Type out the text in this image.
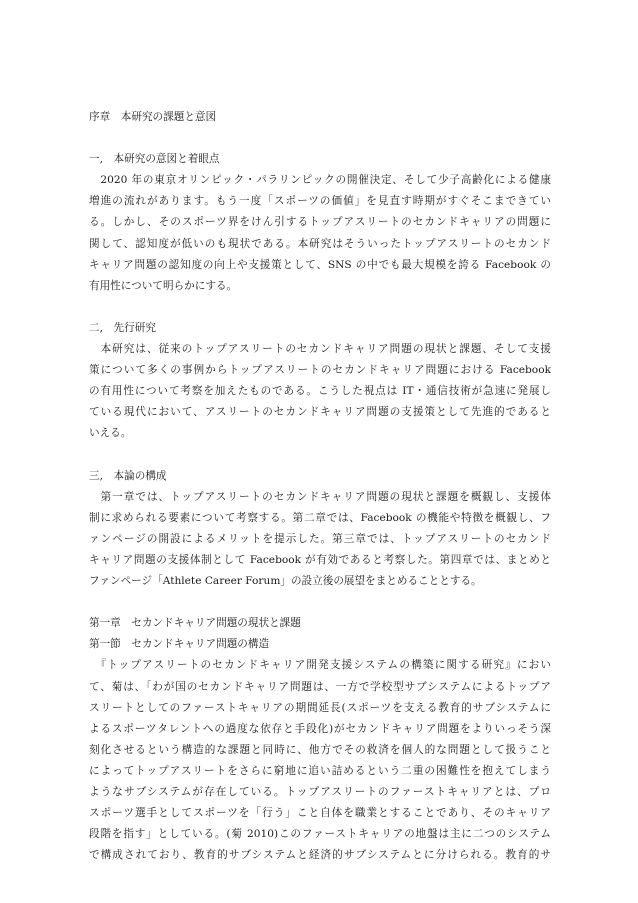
序章　本研究の課題と意図
一,　本研究の意図と着眼点
　2020 年の東京オリンピック・パラリンピックの開催決定、そして少子高齢化による健康
増進の流れがあります。もう一度「スポーツの価値」を見直す時期がすぐそこまできてい
る。しかし、そのスポーツ界をけん引するトップアスリートのセカンドキャリアの問題に
関して、認知度が低いのも現状である。本研究はそういったトップアスリートのセカンド
キャリア問題の認知度の向上や支援策として、SNS の中でも最大規模を誇る Facebook の
有用性について明らかにする。
二,　先行研究
　本研究は、従来のトップアスリートのセカンドキャリア問題の現状と課題、そして支援
策について多くの事例からトップアスリートのセカンドキャリア問題における Facebook
の有用性について考察を加えたものである。こうした視点は IT・通信技術が急速に発展し
ている現代において、アスリートのセカンドキャリア問題の支援策として先進的であると
いえる。
三,　本論の構成
　第一章では、トップアスリートのセカンドキャリア問題の現状と課題を概観し、支援体
制に求められる要素について考察する。第二章では、Facebook の機能や特徴を概観し、フ
ァンページの開設によるメリットを提示した。第三章では、トップアスリートのセカンド
キャリア問題の支援体制として Facebook が有効であると考察した。第四章では、まとめと
ファンページ「Athlete Career Forum」の設立後の展望をまとめることとする。
第一章　セカンドキャリア問題の現状と課題
第一節　セカンドキャリア問題の構造
　『トップアスリートのセカンドキャリア開発支援システムの構築に関する研究』におい
て、菊は、「わが国のセカンドキャリア問題は、一方で学校型サブシステムによるトップア
スリートとしてのファーストキャリアの期間延長(スポーツを支える教育的サブシステムに
よるスポーツタレントへの過度な依存と手段化)がセカンドキャリア問題をよりいっそう深
刻化させるという構造的な課題と同時に、他方でその救済を個人的な問題として扱うこと
によってトップアスリートをさらに窮地に追い詰めるという二重の困難性を抱えてしまう
ようなサブシステムが存在している。トップアスリートのファーストキャリアとは、プロ
スポーツ選手としてスポーツを「行う」こと自体を職業とすることであり、そのキャリア
段階を指す」としている。(菊 2010)このファーストキャリアの地盤は主に二つのシステム
で構成されており、教育的サブシステムと経済的サブシステムとに分けられる。教育的サ
